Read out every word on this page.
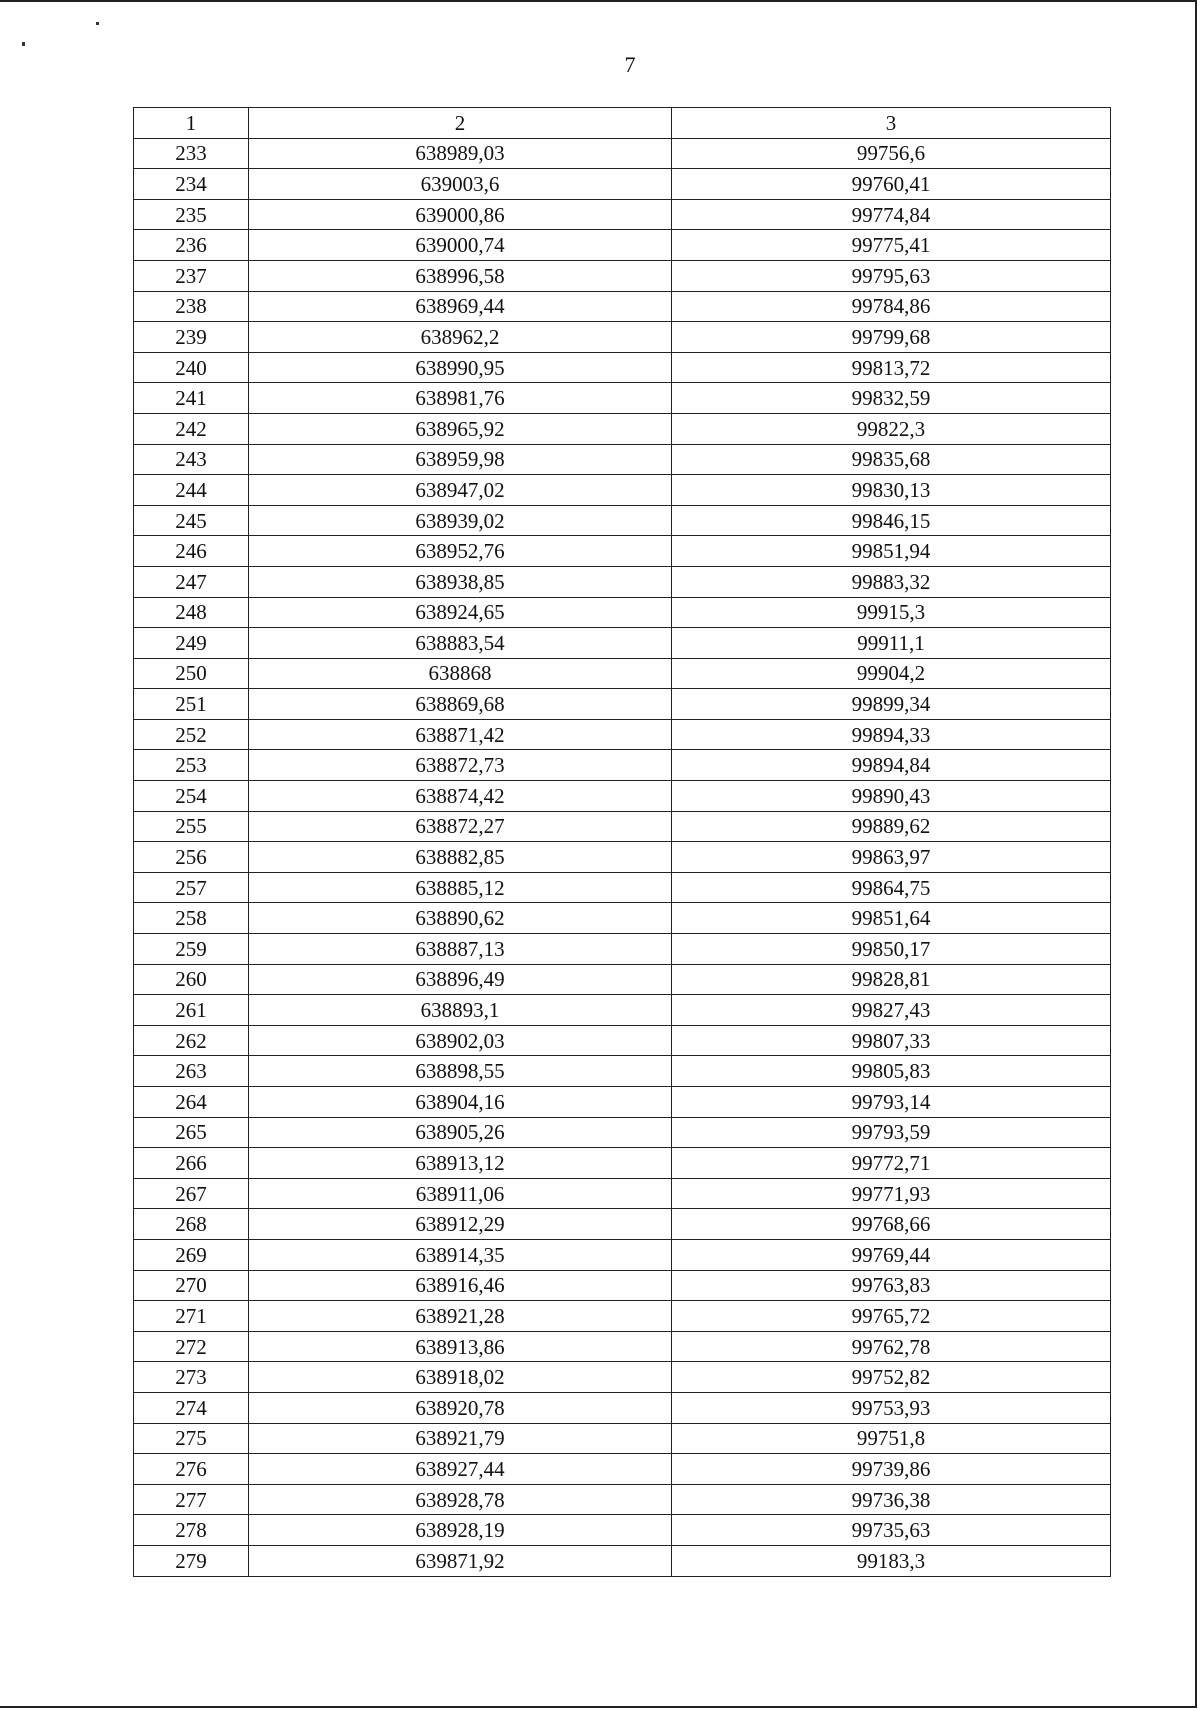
7
1	2	3
233	638989,03	99756,6
234	639003,6	99760,41
235	639000,86	99774,84
236	639000,74	99775,41
237	638996,58	99795,63
238	638969,44	99784,86
239	638962,2	99799,68
240	638990,95	99813,72
241	638981,76	99832,59
242	638965,92	99822,3
243	638959,98	99835,68
244	638947,02	99830,13
245	638939,02	99846,15
246	638952,76	99851,94
247	638938,85	99883,32
248	638924,65	99915,3
249	638883,54	99911,1
250	638868	99904,2
251	638869,68	99899,34
252	638871,42	99894,33
253	638872,73	99894,84
254	638874,42	99890,43
255	638872,27	99889,62
256	638882,85	99863,97
257	638885,12	99864,75
258	638890,62	99851,64
259	638887,13	99850,17
260	638896,49	99828,81
261	638893,1	99827,43
262	638902,03	99807,33
263	638898,55	99805,83
264	638904,16	99793,14
265	638905,26	99793,59
266	638913,12	99772,71
267	638911,06	99771,93
268	638912,29	99768,66
269	638914,35	99769,44
270	638916,46	99763,83
271	638921,28	99765,72
272	638913,86	99762,78
273	638918,02	99752,82
274	638920,78	99753,93
275	638921,79	99751,8
276	638927,44	99739,86
277	638928,78	99736,38
278	638928,19	99735,63
279	639871,92	99183,3
